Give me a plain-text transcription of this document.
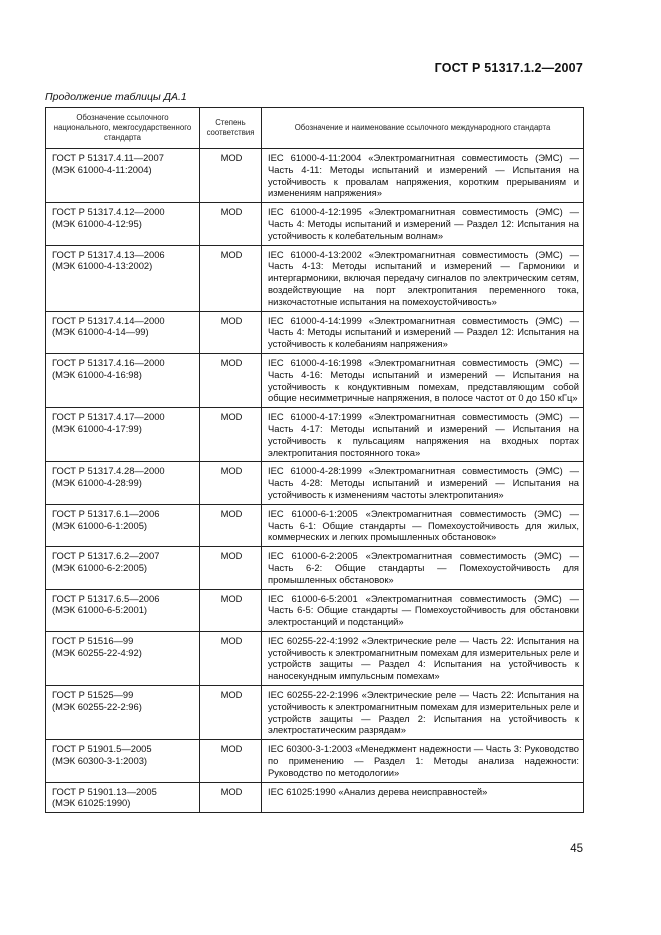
ГОСТ Р 51317.1.2—2007
Продолжение таблицы ДА.1
Обозначение ссылочного национального, межгосударственного стандарта	Степень соответствия	Обозначение и наименование ссылочного международного стандарта
ГОСТ Р 51317.4.11—2007
(МЭК 61000-4-11:2004)	MOD	IEC 61000-4-11:2004 «Электромагнитная совместимость (ЭМС) — Часть 4-11: Методы испытаний и измерений — Испытания на устойчивость к провалам напряжения, коротким прерываниям и изменениям напряжения»
ГОСТ Р 51317.4.12—2000
(МЭК 61000-4-12:95)	MOD	IEC 61000-4-12:1995 «Электромагнитная совместимость (ЭМС) — Часть 4: Методы испытаний и измерений — Раздел 12: Испытания на устойчивость к колебательным волнам»
ГОСТ Р 51317.4.13—2006
(МЭК 61000-4-13:2002)	MOD	IEC 61000-4-13:2002 «Электромагнитная совместимость (ЭМС) — Часть 4-13: Методы испытаний и измерений — Гармоники и интергармоники, включая передачу сигналов по электрическим сетям, воздействующие на порт электропитания переменного тока, низкочастотные испытания на помехоустойчивость»
ГОСТ Р 51317.4.14—2000
(МЭК 61000-4-14—99)	MOD	IEC 61000-4-14:1999 «Электромагнитная совместимость (ЭМС) — Часть 4: Методы испытаний и измерений — Раздел 12: Испытания на устойчивость к колебаниям напряжения»
ГОСТ Р 51317.4.16—2000
(МЭК 61000-4-16:98)	MOD	IEC 61000-4-16:1998 «Электромагнитная совместимость (ЭМС) — Часть 4-16: Методы испытаний и измерений — Испытания на устойчивость к кондуктивным помехам, представляющим собой общие несимметричные напряжения, в полосе частот от 0 до 150 кГц»
ГОСТ Р 51317.4.17—2000
(МЭК 61000-4-17:99)	MOD	IEC 61000-4-17:1999 «Электромагнитная совместимость (ЭМС) — Часть 4-17: Методы испытаний и измерений — Испытания на устойчивость к пульсациям напряжения на входных портах электропитания постоянного тока»
ГОСТ Р 51317.4.28—2000
(МЭК 61000-4-28:99)	MOD	IEC 61000-4-28:1999 «Электромагнитная совместимость (ЭМС) — Часть 4-28: Методы испытаний и измерений — Испытания на устойчивость к изменениям частоты электропитания»
ГОСТ Р 51317.6.1—2006
(МЭК 61000-6-1:2005)	MOD	IEC 61000-6-1:2005 «Электромагнитная совместимость (ЭМС) — Часть 6-1: Общие стандарты — Помехоустойчивость для жилых, коммерческих и легких промышленных обстановок»
ГОСТ Р 51317.6.2—2007
(МЭК 61000-6-2:2005)	MOD	IEC 61000-6-2:2005 «Электромагнитная совместимость (ЭМС) — Часть 6-2: Общие стандарты — Помехоустойчивость для промышленных обстановок»
ГОСТ Р 51317.6.5—2006
(МЭК 61000-6-5:2001)	MOD	IEC 61000-6-5:2001 «Электромагнитная совместимость (ЭМС) — Часть 6-5: Общие стандарты — Помехоустойчивость для обстановки электростанций и подстанций»
ГОСТ Р 51516—99
(МЭК 60255-22-4:92)	MOD	IEC 60255-22-4:1992 «Электрические реле — Часть 22: Испытания на устойчивость к электромагнитным помехам для измерительных реле и устройств защиты — Раздел 4: Испытания на устойчивость к наносекундным импульсным помехам»
ГОСТ Р 51525—99
(МЭК 60255-22-2:96)	MOD	IEC 60255-22-2:1996 «Электрические реле — Часть 22: Испытания на устойчивость к электромагнитным помехам для измерительных реле и устройств защиты — Раздел 2: Испытания на устойчивость к электростатическим разрядам»
ГОСТ Р 51901.5—2005
(МЭК 60300-3-1:2003)	MOD	IEC 60300-3-1:2003 «Менеджмент надежности — Часть 3: Руководство по применению — Раздел 1: Методы анализа надежности: Руководство по методологии»
ГОСТ Р 51901.13—2005
(МЭК 61025:1990)	MOD	IEC 61025:1990 «Анализ дерева неисправностей»
45
